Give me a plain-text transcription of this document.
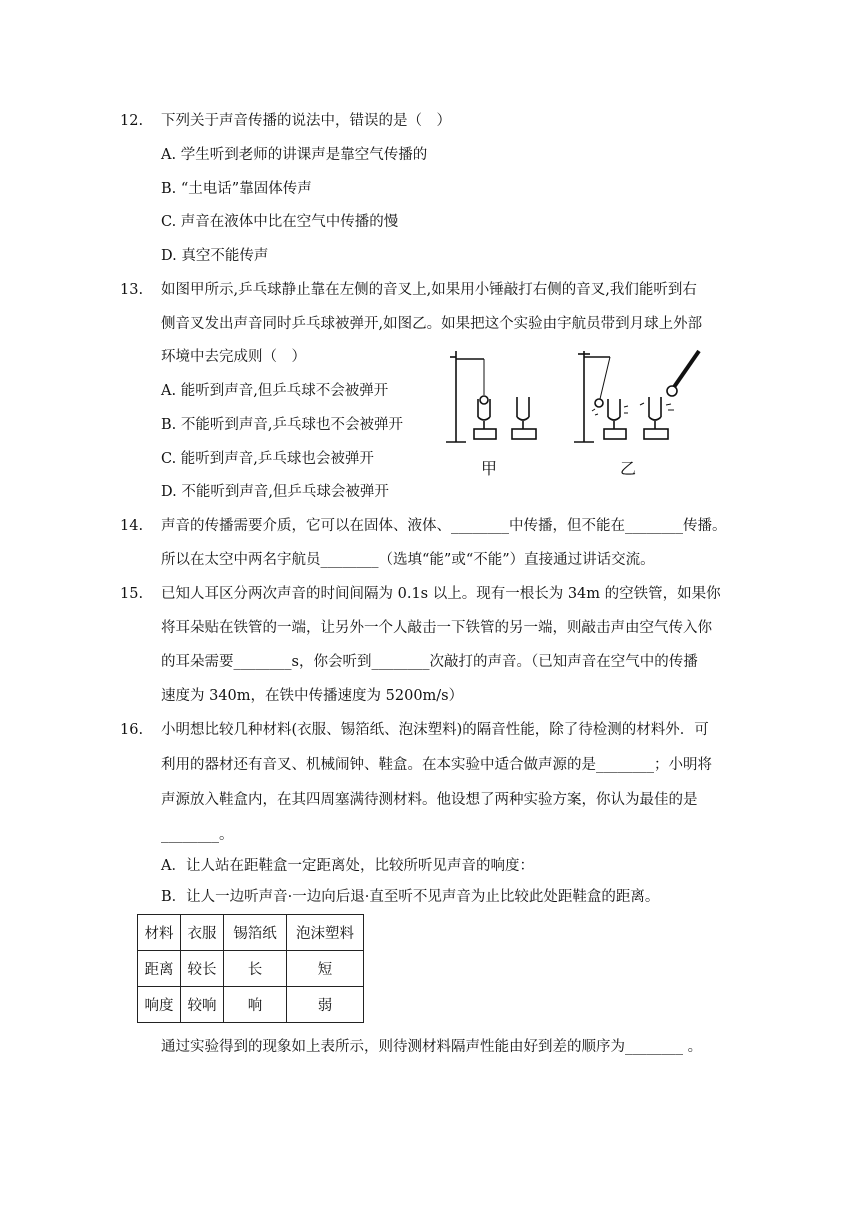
12. 下列关于声音传播的说法中，错误的是（　）
A. 学生听到老师的讲课声是靠空气传播的
B. “土电话”靠固体传声
C. 声音在液体中比在空气中传播的慢
D. 真空不能传声
13. 如图甲所示,乒乓球静止靠在左侧的音叉上,如果用小锤敲打右侧的音叉,我们能听到右
侧音叉发出声音同时乒乓球被弹开,如图乙。如果把这个实验由宇航员带到月球上外部
环境中去完成则（　）
A. 能听到声音,但乒乓球不会被弹开
B. 不能听到声音,乒乓球也不会被弹开
C. 能听到声音,乒乓球也会被弹开
D. 不能听到声音,但乒乓球会被弹开
甲	乙
14. 声音的传播需要介质，它可以在固体、液体、________中传播，但不能在________传播。
所以在太空中两名宇航员________（选填“能”或“不能”）直接通过讲话交流。
15. 已知人耳区分两次声音的时间间隔为 0.1s 以上。现有一根长为 34m 的空铁管，如果你
将耳朵贴在铁管的一端，让另外一个人敲击一下铁管的另一端，则敲击声由空气传入你
的耳朵需要________s，你会听到________次敲打的声音。（已知声音在空气中的传播
速度为 340m，在铁中传播速度为 5200m/s）
16. 小明想比较几种材料(衣服、锡箔纸、泡沫塑料)的隔音性能，除了待检测的材料外．可
利用的器材还有音叉、机械闹钟、鞋盒。在本实验中适合做声源的是________；小明将
声源放入鞋盒内，在其四周塞满待测材料。他设想了两种实验方案，你认为最佳的是
________。
A．让人站在距鞋盒一定距离处，比较所听见声音的响度：
B．让人一边听声音·一边向后退·直至听不见声音为止比较此处距鞋盒的距离。
材料	衣服	锡箔纸	泡沫塑料
距离	较长	长	短
响度	较响	响	弱
通过实验得到的现象如上表所示，则待测材料隔声性能由好到差的顺序为________ 。
